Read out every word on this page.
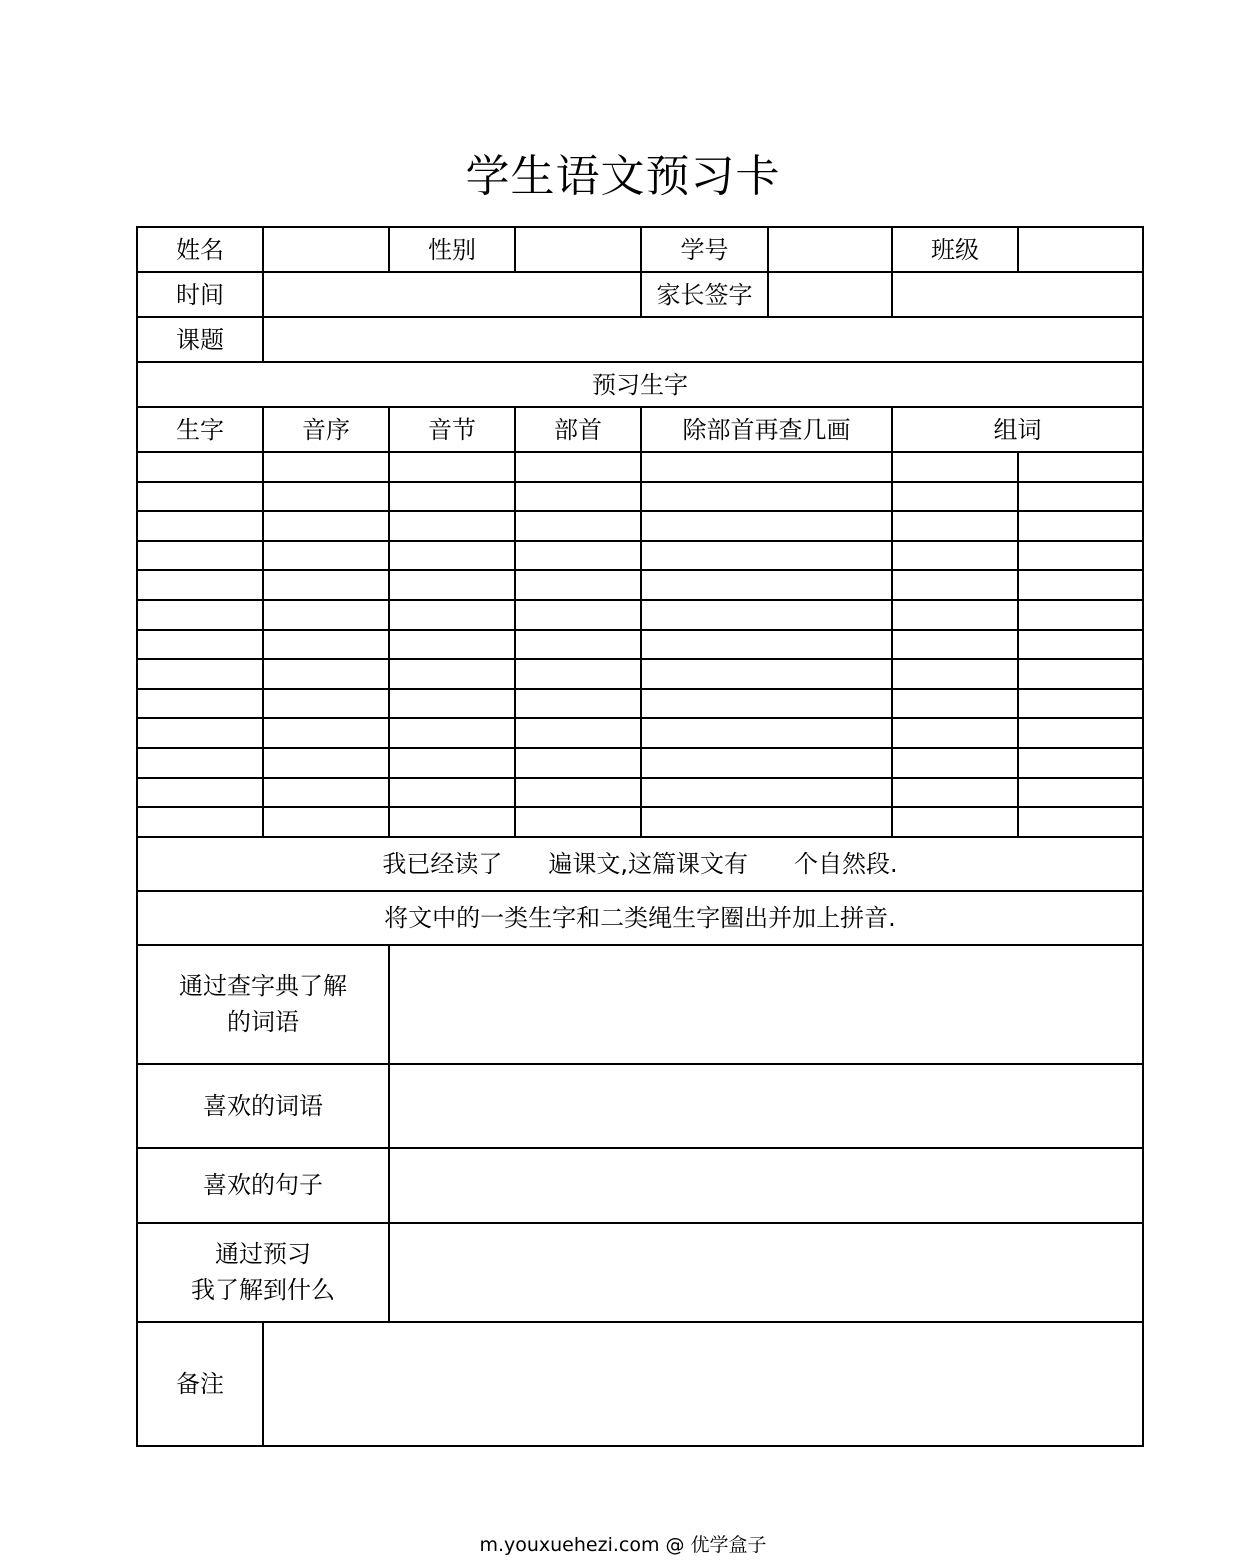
学生语文预习卡
姓名		性别		学号	班级	
时间				家长签字		

课题						
预习生字						
生字	音序	音节	部首	除部首再查几画	组词	

我已经读了 遍课文,这篇课文有 个自然段.						
将文中的一类生字和二类绳生字圈出并加上拼音.						

通过查字典了解
的词语						

喜欢的词语						
喜欢的句子						

通过预习
我了解到什么						

备注						
m.youxuehezi.com @ 优学盒子
